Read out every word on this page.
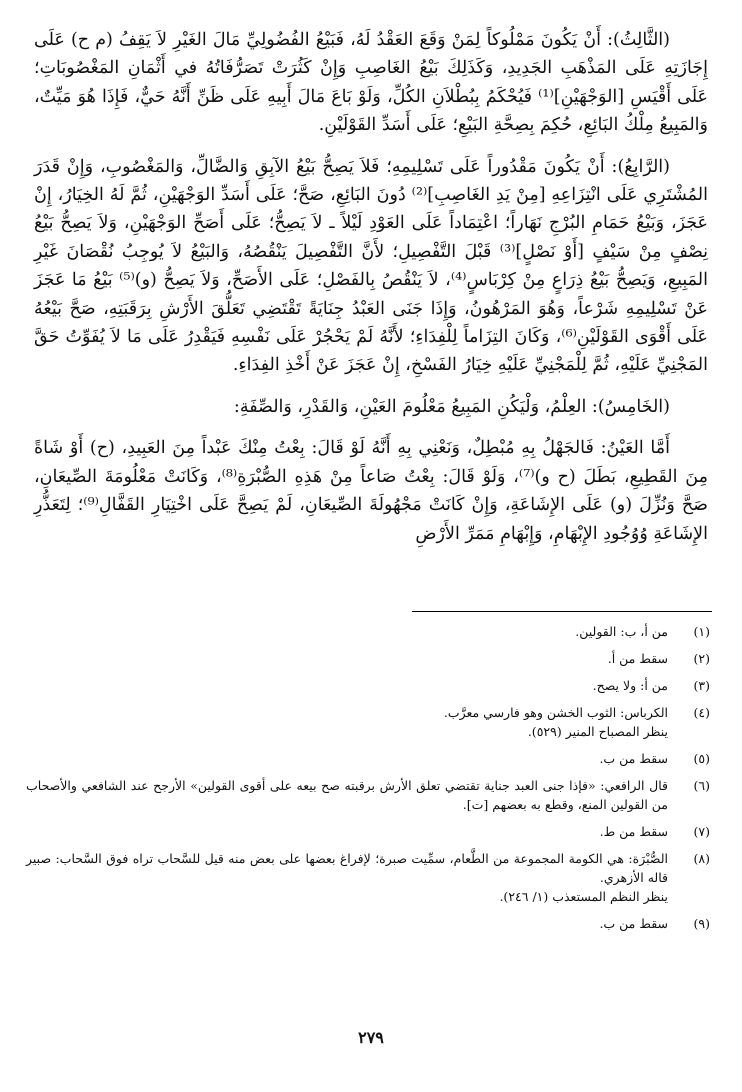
(الثَّالِثُ): أَنْ يَكُونَ مَمْلُوكاً لِمَنْ وَقَعَ العَقْدُ لَهُ، فَبَيْعُ الفُضُولِيِّ مَالَ الغَيْرِ لاَ يَقِفُ (م ح) عَلَى إِجَازَتِهِ عَلَى المَذْهَبِ الجَدِيدِ، وَكَذَلِكَ بَيْعُ الغَاصِبِ وَإِنْ كَثُرَتْ تَصَرُّفَاتُهُ في أَثْمَانِ المَغْصُوبَاتِ؛ عَلَى أَقْيَسِ [الوَجْهَيْنِ]⁽¹⁾ فَيُحْكَمُ بِبُطْلاَنِ الكُلِّ، وَلَوْ بَاعَ مَالَ أَبِيهِ عَلَى ظَنِّ أَنَّهُ حَيٌّ، فَإِذَا هُوَ مَيِّتٌ، وَالمَبِيعُ مِلْكُ البَائِعِ، حُكِمَ بِصِحَّةِ البَيْعِ؛ عَلَى أَسَدِّ القَوْلَيْنِ.

(الرَّابِعُ): أَنْ يَكُونَ مَقْدُوراً عَلَى تَسْلِيمِهِ؛ فَلاَ يَصِحُّ بَيْعُ الآبِقِ وَالضَّالِّ، وَالمَغْصُوبِ، وَإِنْ قَدَرَ المُشْتَرِي عَلَى انْتِزَاعِهِ [مِنْ يَدِ الغَاصِبِ]⁽²⁾ دُونَ البَائِعِ، صَحَّ؛ عَلَى أَسَدِّ الوَجْهَيْنِ، ثُمَّ لَهُ الخِيَارُ، إِنْ عَجَزَ، وَبَيْعُ حَمَامِ البُرْجِ نَهَاراً؛ اعْتِمَاداً عَلَى العَوْدِ لَيْلاً ـ لاَ يَصِحُّ؛ عَلَى أَصَحِّ الوَجْهَيْنِ، وَلاَ يَصِحُّ بَيْعُ نِصْفٍ مِنْ سَيْفٍ [أَوْ نَصْلٍ]⁽³⁾ قَبْلَ التَّفْصِيلِ؛ لأَنَّ التَّفْصِيلَ يَنْقُصُهُ، وَالبَيْعُ لاَ يُوجِبُ نُقْصَانَ غَيْرِ المَبِيعِ، وَيَصِحُّ بَيْعُ ذِرَاعٍ مِنْ كِرْبَاسٍ⁽⁴⁾، لاَ يَنْقُصُ بِالفَصْلِ؛ عَلَى الأَصَحِّ، وَلاَ يَصِحُّ (و)⁽⁵⁾ بَيْعُ مَا عَجَزَ عَنْ تَسْلِيمِهِ شَرْعاً، وَهُوَ المَرْهُونُ، وَإِذَا جَنَى العَبْدُ جِنَايَةً تَقْتَضِي تَعَلُّقَ الأَرْشِ بِرَقَبَتِهِ، صَحَّ بَيْعُهُ عَلَى أَقْوَى القَوْلَيْنِ⁽⁶⁾، وَكَانَ التِزَاماً لِلْفِدَاءِ؛ لأَنَّهُ لَمْ يَحْجُرْ عَلَى نَفْسِهِ فَيَقْدِرُ عَلَى مَا لاَ يُفَوِّتُ حَقَّ المَجْنِيِّ عَلَيْهِ، ثُمَّ لِلْمَجْنِيِّ عَلَيْهِ خِيَارُ الفَسْخِ، إِنْ عَجَزَ عَنْ أَخْذِ الفِدَاءِ.

(الخَامِسُ): العِلْمُ، وَلْيَكُنِ المَبِيعُ مَعْلُومَ العَيْنِ، وَالقَدْرِ، وَالصِّفَةِ:

أَمَّا العَيْنُ: فَالجَهْلُ بِهِ مُبْطِلٌ، وَنَعْنِي بِهِ أَنَّهُ لَوْ قَالَ: بِعْتُ مِنْكَ عَبْداً مِنَ العَبِيدِ، (ح) أَوْ شَاةً مِنَ القَطِيعِ، بَطَلَ (ح و)⁽⁷⁾، وَلَوْ قَالَ: بِعْتُ صَاعاً مِنْ هَذِهِ الصُّبْرَةِ⁽⁸⁾، وَكَانَتْ مَعْلُومَةَ الصِّيعَانِ، صَحَّ وَنُزِّلَ (و) عَلَى الإِشَاعَةِ، وَإِنْ كَانَتْ مَجْهُولَةَ الصِّيعَانِ، لَمْ يَصِحَّ عَلَى اخْتِيَارِ القَفَّالِ⁽⁹⁾؛ لِتَعَذُّرِ الإِشَاعَةِ وُوُجُودِ الإِبْهَامِ، وَإِبْهَامِ مَمَرِّ الأَرْضِ

(١)

من أ، ب: القولين.

(٢)

سقط من أ.

(٣)

من أ: ولا يصح.

(٤)

الكرباس: الثوب الخشن وهو فارسي معرَّب.

ينظر المصباح المنير (٥٢٩).

(٥)

سقط من ب.

(٦)

قال الرافعي: «فإذا جنى العبد جناية تقتضي تعلق الأرش برقبته صح بيعه على أقوى القولين» الأرجح عند الشافعي والأصحاب من القولين المنع، وقطع به بعضهم [ت].

(٧)

سقط من ط.

(٨)

الصُّبْرَة: هي الكومة المجموعة من الطَّعام، سمِّيت صبرة؛ لإفراغ بعضها على بعض منه قيل للسَّحاب تراه فوق السَّحاب: صبير قاله الأزهري.

ينظر النظم المستعذب (١/ ٢٤٦).

(٩)

سقط من ب.

٢٧٩
